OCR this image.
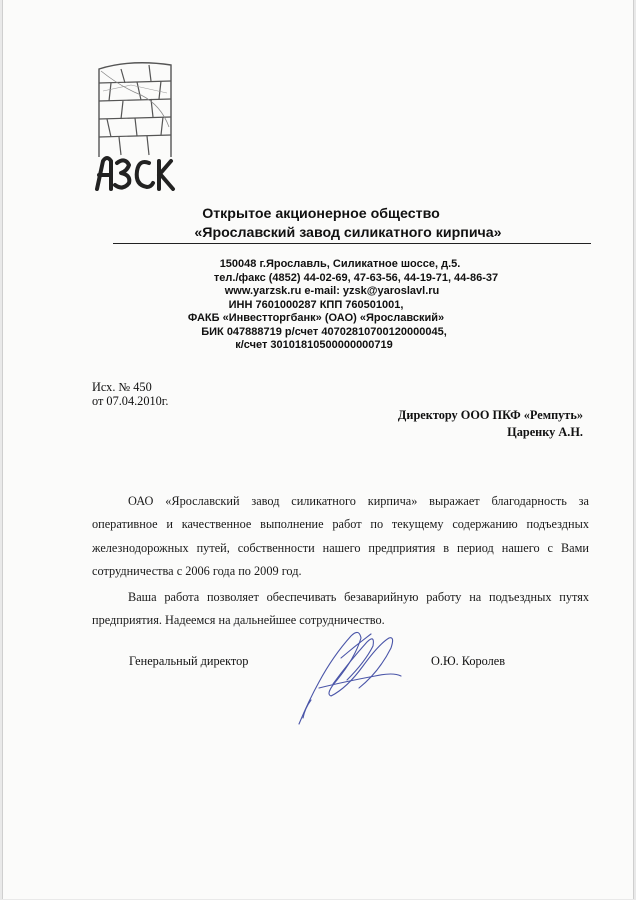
Открытое акционерное общество
«Ярославский завод силикатного кирпича»
150048 г.Ярославль, Силикатное шоссе, д.5.
тел./факс (4852) 44-02-69, 47-63-56, 44-19-71, 44-86-37
www.yarzsk.ru e-mail: yzsk@yaroslavl.ru
ИНН 7601000287 КПП 760501001,
ФАКБ «Инвестторгбанк» (ОАО) «Ярославский»
БИК 047888719 р/счет 40702810700120000045,
к/счет 30101810500000000719
Исх. № 450
от 07.04.2010г.
Директору ООО ПКФ «Ремпуть»
Царенку А.Н.

ОАО «Ярославский завод силикатного кирпича» выражает благодарность за оперативное и качественное выполнение работ по текущему содержанию подъездных железнодорожных путей, собственности нашего предприятия в период нашего с Вами сотрудничества с 2006 года по 2009 год.

Ваша работа позволяет обеспечивать безаварийную работу на подъездных путях предприятия. Надеемся на дальнейшее сотрудничество.

Генеральный директор	О.Ю. Королев
